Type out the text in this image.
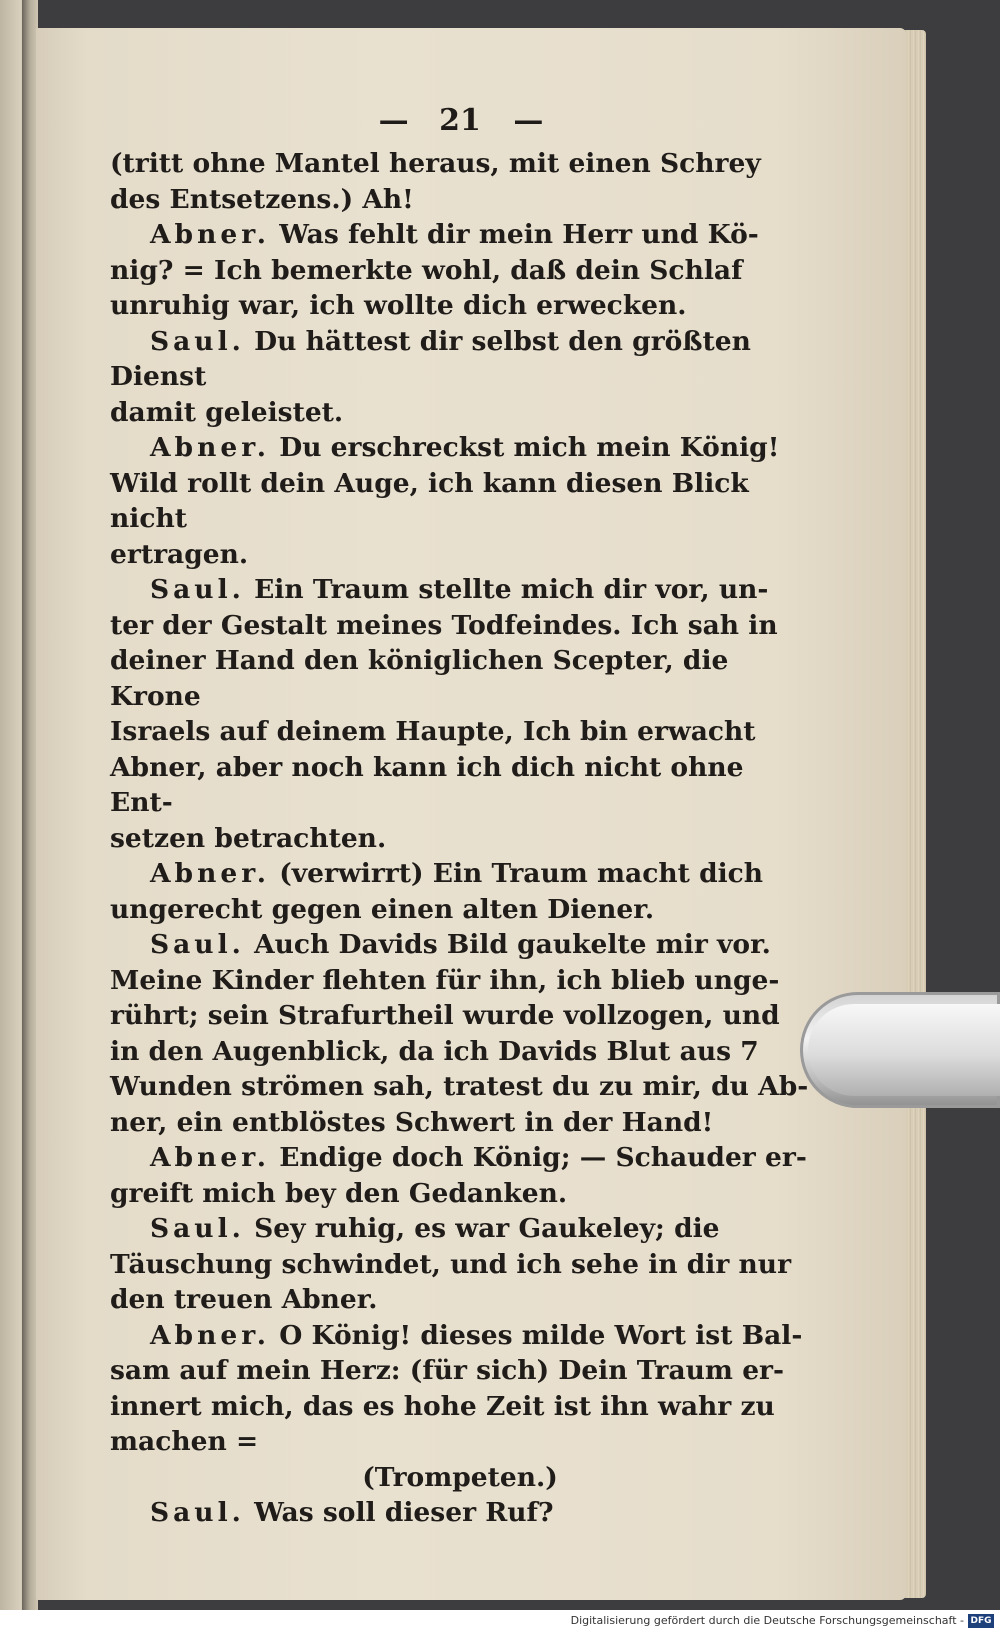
— 21 —
(tritt ohne Mantel heraus, mit einen Schrey
des Entsetzens.) Ah!
Abner. Was fehlt dir mein Herr und Kö-
nig? = Ich bemerkte wohl, daß dein Schlaf
unruhig war, ich wollte dich erwecken.
Saul. Du hättest dir selbst den größten Dienst
damit geleistet.
Abner. Du erschreckst mich mein König!
Wild rollt dein Auge, ich kann diesen Blick nicht
ertragen.
Saul. Ein Traum stellte mich dir vor, un-
ter der Gestalt meines Todfeindes. Ich sah in
deiner Hand den königlichen Scepter, die Krone
Israels auf deinem Haupte, Ich bin erwacht
Abner, aber noch kann ich dich nicht ohne Ent-
setzen betrachten.
Abner. (verwirrt) Ein Traum macht dich
ungerecht gegen einen alten Diener.
Saul. Auch Davids Bild gaukelte mir vor.
Meine Kinder flehten für ihn, ich blieb unge-
rührt; sein Strafurtheil wurde vollzogen, und
in den Augenblick, da ich Davids Blut aus 7
Wunden strömen sah, tratest du zu mir, du Ab-
ner, ein entblöstes Schwert in der Hand!
Abner. Endige doch König; — Schauder er-
greift mich bey den Gedanken.
Saul. Sey ruhig, es war Gaukeley; die
Täuschung schwindet, und ich sehe in dir nur
den treuen Abner.
Abner. O König! dieses milde Wort ist Bal-
sam auf mein Herz: (für sich) Dein Traum er-
innert mich, das es hohe Zeit ist ihn wahr zu
machen =
(Trompeten.)
Saul. Was soll dieser Ruf?
Digitalisierung gefördert durch die Deutsche Forschungsgemeinschaft - DFG
